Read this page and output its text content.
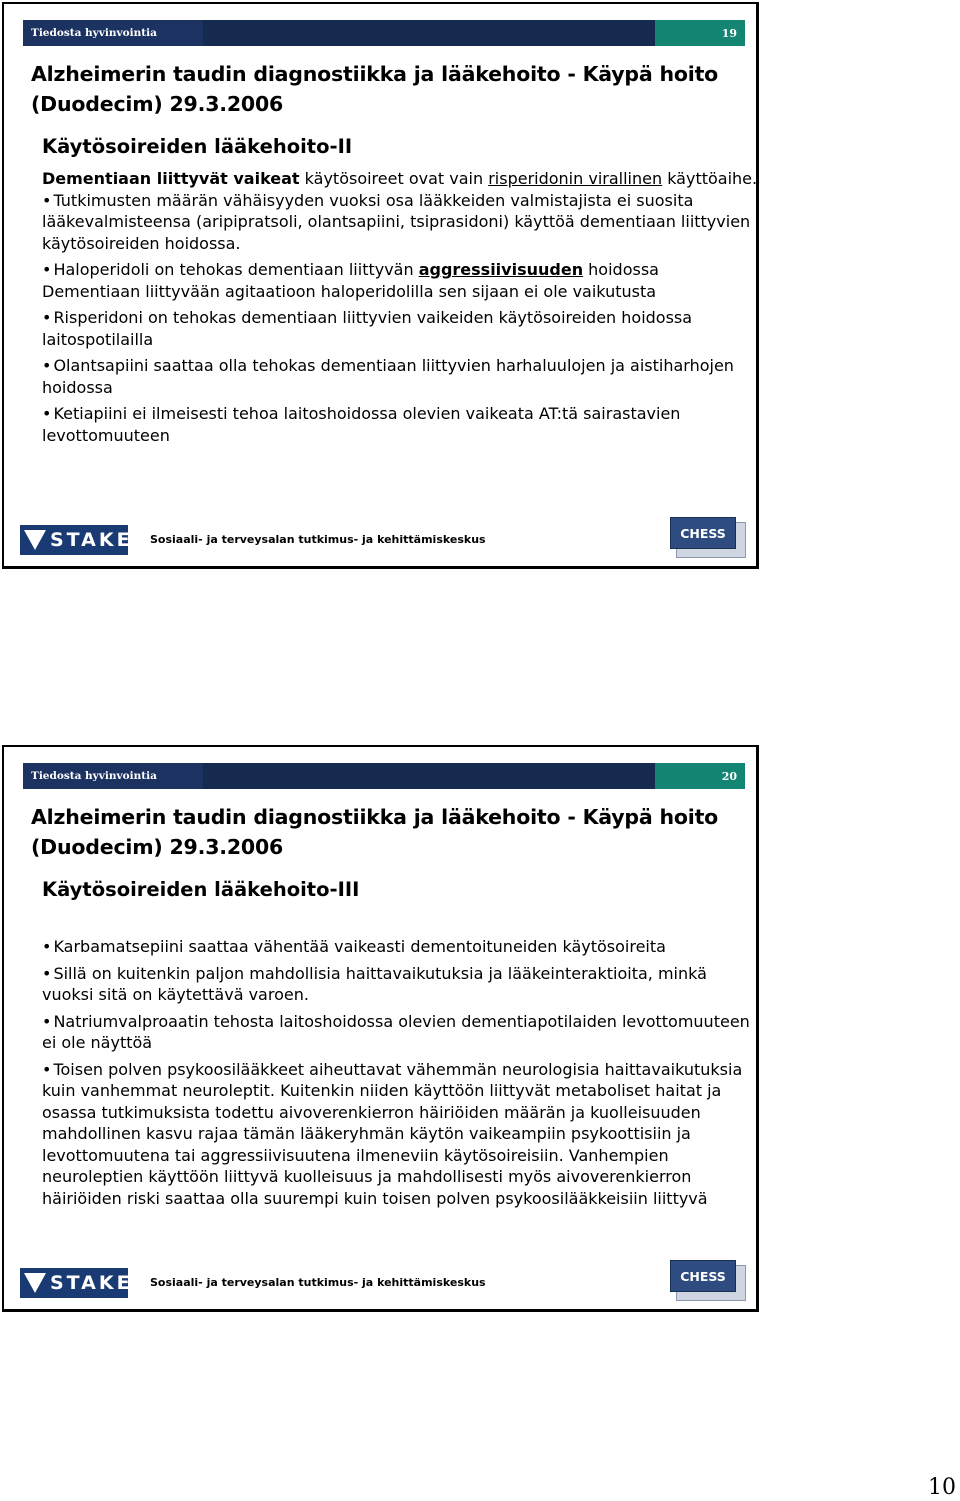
Tiedosta hyvinvointia	19
Alzheimerin taudin diagnostiikka ja lääkehoito - Käypä hoito (Duodecim) 29.3.2006
Käytösoireiden lääkehoito-II

Dementiaan liittyvät vaikeat käytösoireet ovat vain risperidonin virallinen käyttöaihe.

• Tutkimusten määrän vähäisyyden vuoksi osa lääkkeiden valmistajista ei suosita lääkevalmisteensa (aripipratsoli, olantsapiini, tsiprasidoni) käyttöä dementiaan liittyvien käytösoireiden hoidossa.

• Haloperidoli on tehokas dementiaan liittyvän aggressiivisuuden hoidossa Dementiaan liittyvään agitaatioon haloperidolilla sen sijaan ei ole vaikutusta

• Risperidoni on tehokas dementiaan liittyvien vaikeiden käytösoireiden hoidossa laitospotilailla

• Olantsapiini saattaa olla tehokas dementiaan liittyvien harhaluulojen ja aistiharhojen hoidossa

• Ketiapiini ei ilmeisesti tehoa laitoshoidossa olevien vaikeata AT:tä sairastavien levottomuuteen

STAKES Sosiaali- ja terveysalan tutkimus- ja kehittämiskeskus	CHESS
Tiedosta hyvinvointia	20
Alzheimerin taudin diagnostiikka ja lääkehoito - Käypä hoito (Duodecim) 29.3.2006
Käytösoireiden lääkehoito-III

• Karbamatsepiini saattaa vähentää vaikeasti dementoituneiden käytösoireita

• Sillä on kuitenkin paljon mahdollisia haittavaikutuksia ja lääkeinteraktioita, minkä vuoksi sitä on käytettävä varoen.

• Natriumvalproaatin tehosta laitoshoidossa olevien dementiapotilaiden levottomuuteen ei ole näyttöä

• Toisen polven psykoosilääkkeet aiheuttavat vähemmän neurologisia haittavaikutuksia kuin vanhemmat neuroleptit. Kuitenkin niiden käyttöön liittyvät metaboliset haitat ja osassa tutkimuksista todettu aivoverenkierron häiriöiden määrän ja kuolleisuuden mahdollinen kasvu rajaa tämän lääkeryhmän käytön vaikeampiin psykoottisiin ja levottomuutena tai aggressiivisuutena ilmeneviin käytösoireisiin. Vanhempien neuroleptien käyttöön liittyvä kuolleisuus ja mahdollisesti myös aivoverenkierron häiriöiden riski saattaa olla suurempi kuin toisen polven psykoosilääkkeisiin liittyvä

STAKES Sosiaali- ja terveysalan tutkimus- ja kehittämiskeskus	CHESS
10
